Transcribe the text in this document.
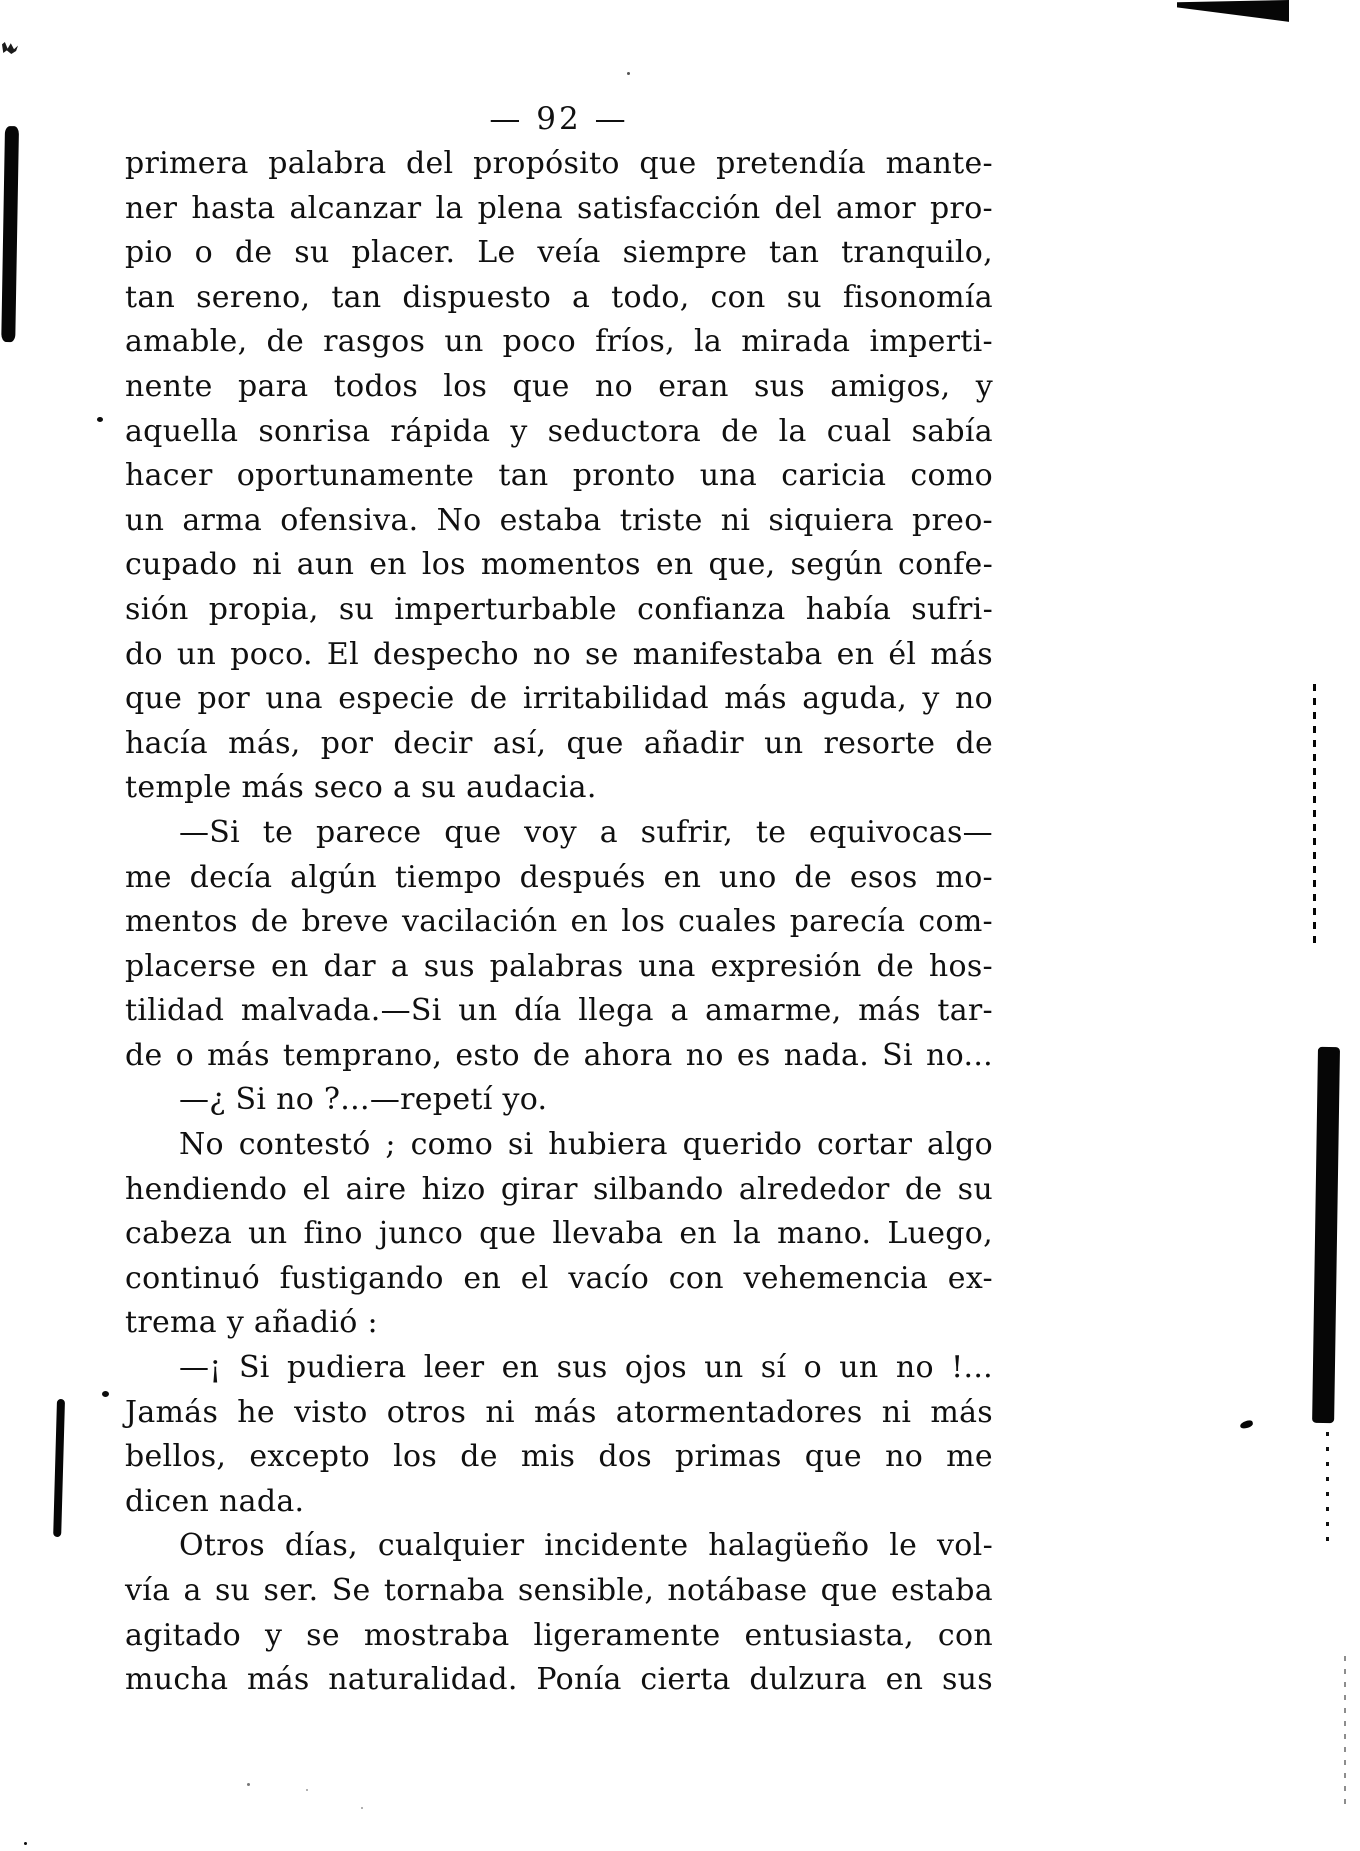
— 92 —
primera palabra del propósito que pretendía mante-
ner hasta alcanzar la plena satisfacción del amor pro-
pio o de su placer. Le veía siempre tan tranquilo,
tan sereno, tan dispuesto a todo, con su fisonomía
amable, de rasgos un poco fríos, la mirada imperti-
nente para todos los que no eran sus amigos, y
aquella sonrisa rápida y seductora de la cual sabía
hacer oportunamente tan pronto una caricia como
un arma ofensiva. No estaba triste ni siquiera preo-
cupado ni aun en los momentos en que, según confe-
sión propia, su imperturbable confianza había sufri-
do un poco. El despecho no se manifestaba en él más
que por una especie de irritabilidad más aguda, y no
hacía más, por decir así, que añadir un resorte de
temple más seco a su audacia.
—Si te parece que voy a sufrir, te equivocas—
me decía algún tiempo después en uno de esos mo-
mentos de breve vacilación en los cuales parecía com-
placerse en dar a sus palabras una expresión de hos-
tilidad malvada.—Si un día llega a amarme, más tar-
de o más temprano, esto de ahora no es nada. Si no...
—¿ Si no ?...—repetí yo.
No contestó ; como si hubiera querido cortar algo
hendiendo el aire hizo girar silbando alrededor de su
cabeza un fino junco que llevaba en la mano. Luego,
continuó fustigando en el vacío con vehemencia ex-
trema y añadió :
—¡ Si pudiera leer en sus ojos un sí o un no !...
Jamás he visto otros ni más atormentadores ni más
bellos, excepto los de mis dos primas que no me
dicen nada.
Otros días, cualquier incidente halagüeño le vol-
vía a su ser. Se tornaba sensible, notábase que estaba
agitado y se mostraba ligeramente entusiasta, con
mucha más naturalidad. Ponía cierta dulzura en sus
